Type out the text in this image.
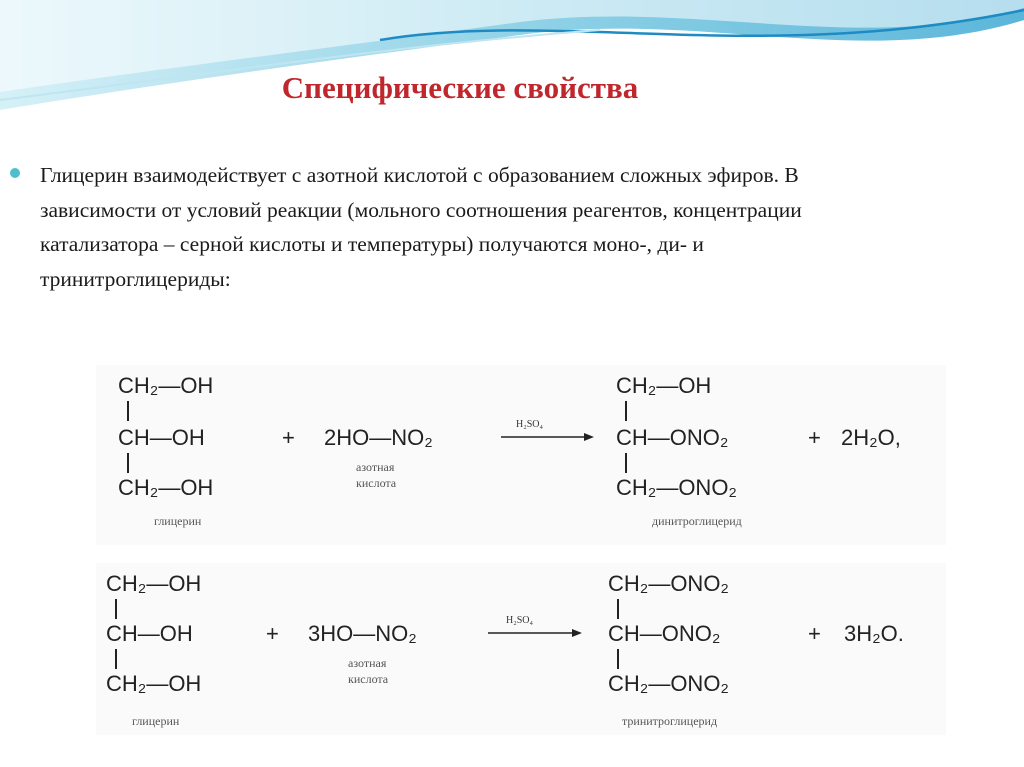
Специфические свойства

Глицерин взаимодействует с азотной кислотой с образованием сложных эфиров. В зависимости от условий реакции (мольного соотношения реагентов, концентрации катализатора – серной кислоты и температуры) получаются моно-, ди- и тринитроглицериды:

CH₂—OH
CH—OH
CH₂—OH
глицерин
+ 2HO—NO₂
азотная
кислота
H₂SO₄
CH₂—OH
CH—ONO₂	+ 2H₂O,
CH₂—ONO₂
динитроглицерид
CH₂—OH
CH—OH
CH₂—OH
глицерин
+ 3HO—NO₂
азотная
кислота
H₂SO₄
CH₂—ONO₂
CH—ONO₂	+ 3H₂O.
CH₂—ONO₂
тринитроглицерид
